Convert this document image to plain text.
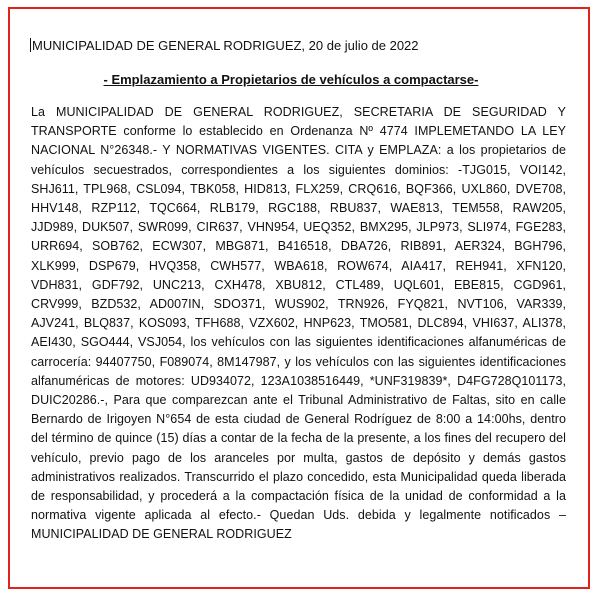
MUNICIPALIDAD DE GENERAL RODRIGUEZ, 20 de julio de 2022
- Emplazamiento a Propietarios de vehículos a compactarse-

La MUNICIPALIDAD DE GENERAL RODRIGUEZ, SECRETARIA DE SEGURIDAD Y TRANSPORTE conforme lo establecido en Ordenanza Nº 4774 IMPLEMETANDO LA LEY NACIONAL N°26348.- Y NORMATIVAS VIGENTES. CITA y EMPLAZA: a los propietarios de vehículos secuestrados, correspondientes a los siguientes dominios: -TJG015, VOI142, SHJ611, TPL968, CSL094, TBK058, HID813, FLX259, CRQ616, BQF366, UXL860, DVE708, HHV148, RZP112, TQC664, RLB179, RGC188, RBU837, WAE813, TEM558, RAW205, JJD989, DUK507, SWR099, CIR637, VHN954, UEQ352, BMX295, JLP973, SLI974, FGE283, URR694, SOB762, ECW307, MBG871, B416518, DBA726, RIB891, AER324, BGH796, XLK999, DSP679, HVQ358, CWH577, WBA618, ROW674, AIA417, REH941, XFN120, VDH831, GDF792, UNC213, CXH478, XBU812, CTL489, UQL601, EBE815, CGD961, CRV999, BZD532, AD007IN, SDO371, WUS902, TRN926, FYQ821, NVT106, VAR339, AJV241, BLQ837, KOS093, TFH688, VZX602, HNP623, TMO581, DLC894, VHI637, ALI378, AEI430, SGO444, VSJ054, los vehículos con las siguientes identificaciones alfanuméricas de carrocería: 94407750, F089074, 8M147987, y los vehículos con las siguientes identificaciones alfanuméricas de motores: UD934072, 123A1038516449, *UNF319839*, D4FG728Q101173, DUIC20286.-, Para que comparezcan ante el Tribunal Administrativo de Faltas, sito en calle Bernardo de Irigoyen N°654 de esta ciudad de General Rodríguez de 8:00 a 14:00hs, dentro del término de quince (15) días a contar de la fecha de la presente, a los fines del recupero del vehículo, previo pago de los aranceles por multa, gastos de depósito y demás gastos administrativos realizados. Transcurrido el plazo concedido, esta Municipalidad queda liberada de responsabilidad, y procederá a la compactación física de la unidad de conformidad a la normativa vigente aplicada al efecto.- Quedan Uds. debida y legalmente notificados – MUNICIPALIDAD DE GENERAL RODRIGUEZ
